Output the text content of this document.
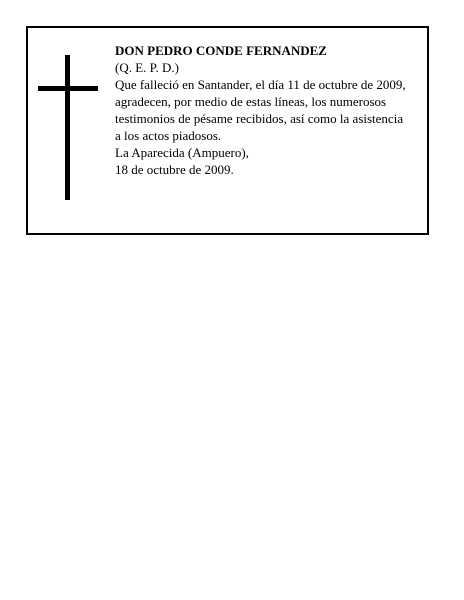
DON PEDRO CONDE FERNANDEZ
(Q. E. P. D.)
Que falleció en Santander, el día 11 de octubre de 2009,
agradecen, por medio de estas líneas, los numerosos
testimonios de pésame recibidos, así como la asistencia
a los actos piadosos.
La Aparecida (Ampuero),
18 de octubre de 2009.
